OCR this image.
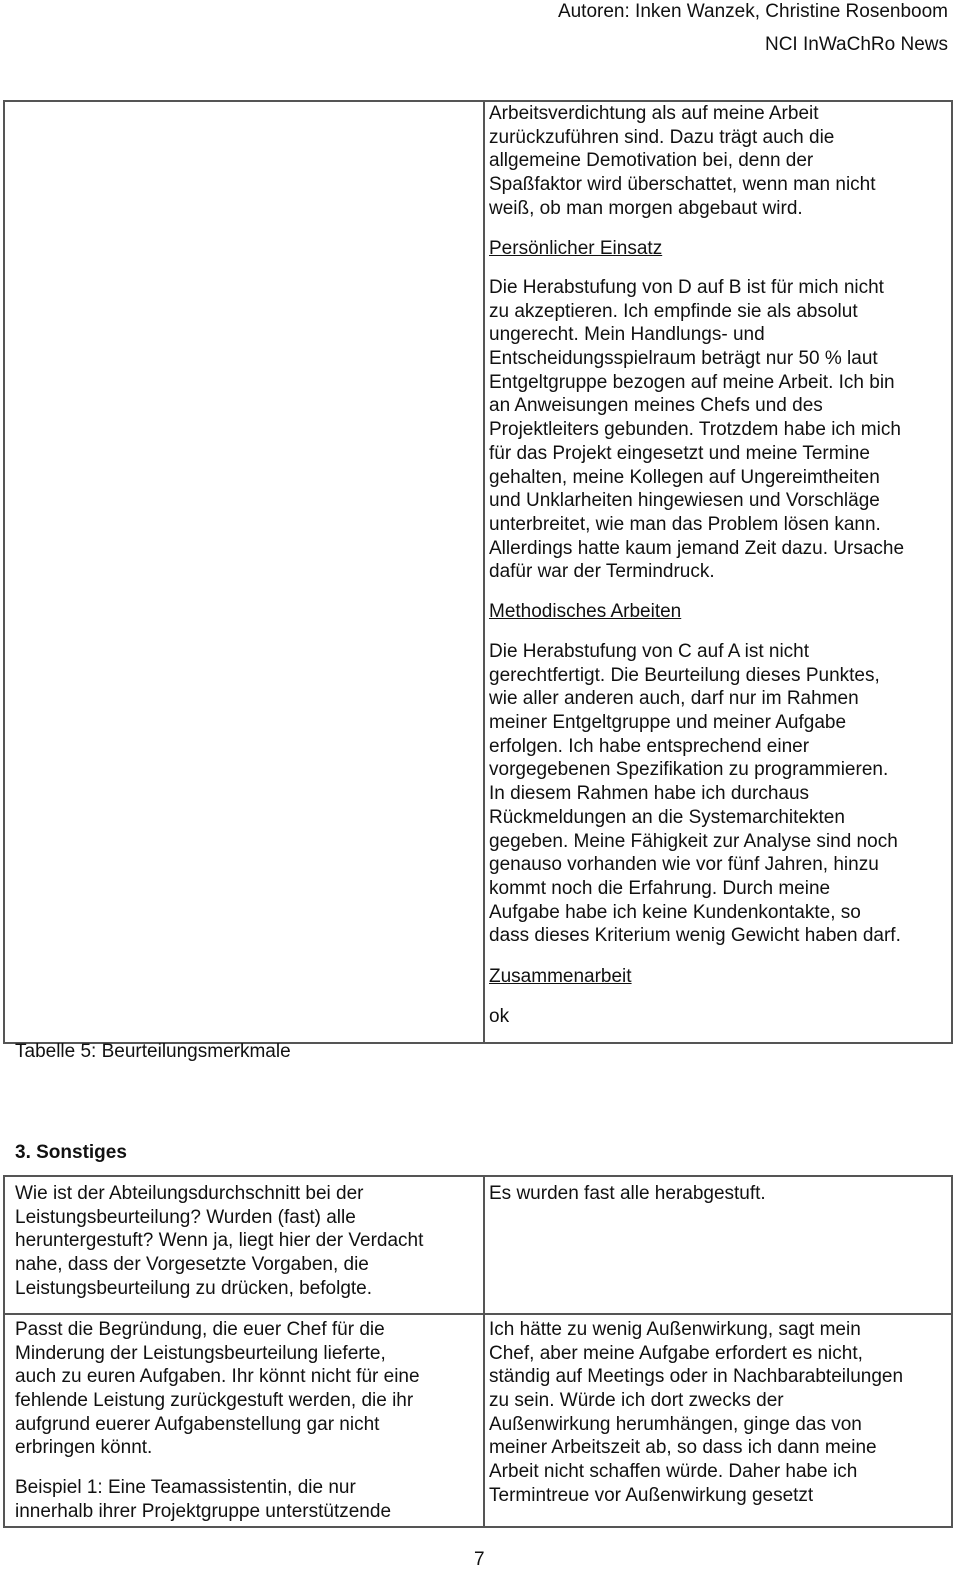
Autoren: Inken Wanzek, Christine Rosenboom
NCI InWaChRo News
Arbeitsverdichtung als auf meine Arbeit
zurückzuführen sind. Dazu trägt auch die
allgemeine Demotivation bei, denn der
Spaßfaktor wird überschattet, wenn man nicht
weiß, ob man morgen abgebaut wird.
Persönlicher Einsatz
Die Herabstufung von D auf B ist für mich nicht
zu akzeptieren. Ich empfinde sie als absolut
ungerecht. Mein Handlungs- und
Entscheidungsspielraum beträgt nur 50 % laut
Entgeltgruppe bezogen auf meine Arbeit. Ich bin
an Anweisungen meines Chefs und des
Projektleiters gebunden. Trotzdem habe ich mich
für das Projekt eingesetzt und meine Termine
gehalten, meine Kollegen auf Ungereimtheiten
und Unklarheiten hingewiesen und Vorschläge
unterbreitet, wie man das Problem lösen kann.
Allerdings hatte kaum jemand Zeit dazu. Ursache
dafür war der Termindruck.
Methodisches Arbeiten
Die Herabstufung von C auf A ist nicht
gerechtfertigt. Die Beurteilung dieses Punktes,
wie aller anderen auch, darf nur im Rahmen
meiner Entgeltgruppe und meiner Aufgabe
erfolgen. Ich habe entsprechend einer
vorgegebenen Spezifikation zu programmieren.
In diesem Rahmen habe ich durchaus
Rückmeldungen an die Systemarchitekten
gegeben. Meine Fähigkeit zur Analyse sind noch
genauso vorhanden wie vor fünf Jahren, hinzu
kommt noch die Erfahrung. Durch meine
Aufgabe habe ich keine Kundenkontakte, so
dass dieses Kriterium wenig Gewicht haben darf.
Zusammenarbeit
ok
Tabelle 5: Beurteilungsmerkmale
3. Sonstiges
Wie ist der Abteilungsdurchschnitt bei der
Leistungsbeurteilung? Wurden (fast) alle
heruntergestuft? Wenn ja, liegt hier der Verdacht
nahe, dass der Vorgesetzte Vorgaben, die
Leistungsbeurteilung zu drücken, befolgte.
Es wurden fast alle herabgestuft.
Passt die Begründung, die euer Chef für die
Minderung der Leistungsbeurteilung lieferte,
auch zu euren Aufgaben. Ihr könnt nicht für eine
fehlende Leistung zurückgestuft werden, die ihr
aufgrund euerer Aufgabenstellung gar nicht
erbringen könnt.
Beispiel 1: Eine Teamassistentin, die nur
innerhalb ihrer Projektgruppe unterstützende
Ich hätte zu wenig Außenwirkung, sagt mein
Chef, aber meine Aufgabe erfordert es nicht,
ständig auf Meetings oder in Nachbarabteilungen
zu sein. Würde ich dort zwecks der
Außenwirkung herumhängen, ginge das von
meiner Arbeitszeit ab, so dass ich dann meine
Arbeit nicht schaffen würde. Daher habe ich
Termintreue vor Außenwirkung gesetzt
7
